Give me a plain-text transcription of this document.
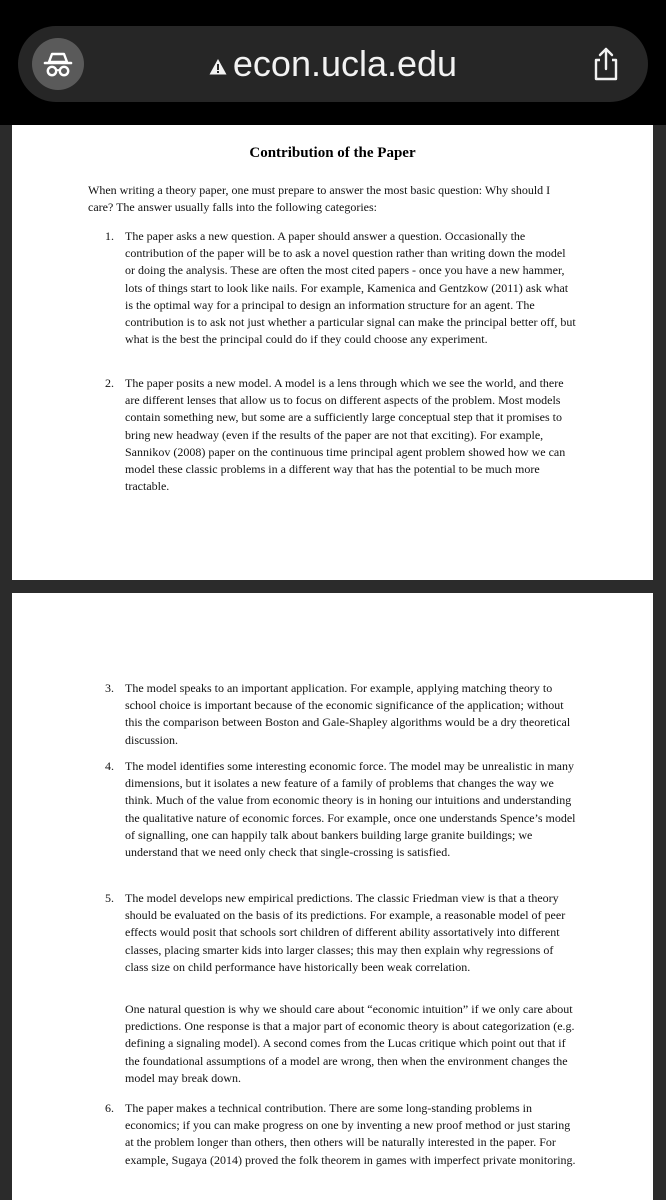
econ.ucla.edu
Contribution of the Paper

When writing a theory paper, one must prepare to answer the most basic question: Why should I care? The answer usually falls into the following categories:

1. The paper asks a new question. A paper should answer a question. Occasionally the contribution of the paper will be to ask a novel question rather than writing down the model or doing the analysis. These are often the most cited papers - once you have a new hammer, lots of things start to look like nails. For example, Kamenica and Gentzkow (2011) ask what is the optimal way for a principal to design an information structure for an agent. The contribution is to ask not just whether a particular signal can make the principal better off, but what is the best the principal could do if they could choose any experiment.

2. The paper posits a new model. A model is a lens through which we see the world, and there are different lenses that allow us to focus on different aspects of the problem. Most models contain something new, but some are a sufficiently large conceptual step that it promises to bring new headway (even if the results of the paper are not that exciting). For example, Sannikov (2008) paper on the continuous time principal agent problem showed how we can model these classic problems in a different way that has the potential to be much more tractable.

3. The model speaks to an important application. For example, applying matching theory to school choice is important because of the economic significance of the application; without this the comparison between Boston and Gale-Shapley algorithms would be a dry theoretical discussion.

4. The model identifies some interesting economic force. The model may be unrealistic in many dimensions, but it isolates a new feature of a family of problems that changes the way we think. Much of the value from economic theory is in honing our intuitions and understanding the qualitative nature of economic forces. For example, once one understands Spence’s model of signalling, one can happily talk about bankers building large granite buildings; we understand that we need only check that single-crossing is satisfied.

5. The model develops new empirical predictions. The classic Friedman view is that a theory should be evaluated on the basis of its predictions. For example, a reasonable model of peer effects would posit that schools sort children of different ability assortatively into different classes, placing smarter kids into larger classes; this may then explain why regressions of class size on child performance have historically been weak correlation.

One natural question is why we should care about “economic intuition” if we only care about predictions. One response is that a major part of economic theory is about categorization (e.g. defining a signaling model). A second comes from the Lucas critique which point out that if the foundational assumptions of a model are wrong, then when the environment changes the model may break down.

6. The paper makes a technical contribution. There are some long-standing problems in economics; if you can make progress on one by inventing a new proof method or just staring at the problem longer than others, then others will be naturally interested in the paper. For example, Sugaya (2014) proved the folk theorem in games with imperfect private monitoring.
